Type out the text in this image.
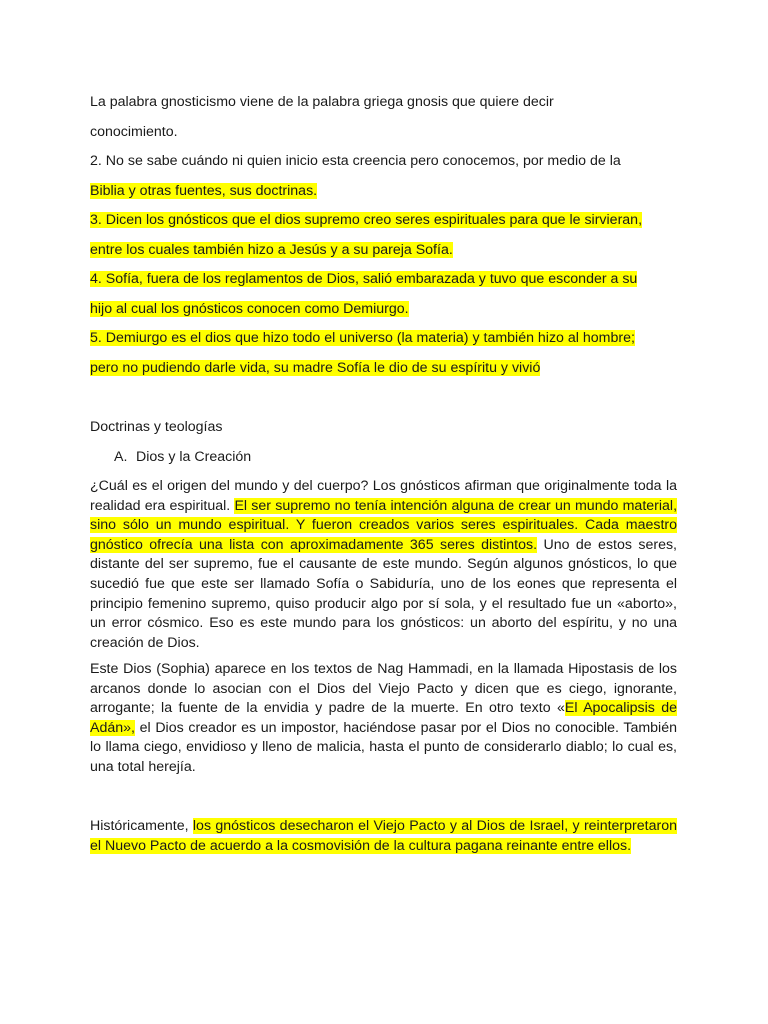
La palabra gnosticismo viene de la palabra griega gnosis que quiere decir
conocimiento.
2. No se sabe cuándo ni quien inicio esta creencia pero conocemos, por medio de la
Biblia y otras fuentes, sus doctrinas.
3. Dicen los gnósticos que el dios supremo creo seres espirituales para que le sirvieran,
entre los cuales también hizo a Jesús y a su pareja Sofía.
4. Sofía, fuera de los reglamentos de Dios, salió embarazada y tuvo que esconder a su
hijo al cual los gnósticos conocen como Demiurgo.
5. Demiurgo es el dios que hizo todo el universo (la materia) y también hizo al hombre;
pero no pudiendo darle vida, su madre Sofía le dio de su espíritu y vivió
Doctrinas y teologías
A. Dios y la Creación

¿Cuál es el origen del mundo y del cuerpo? Los gnósticos afirman que originalmente toda la realidad era espiritual. El ser supremo no tenía intención alguna de crear un mundo material, sino sólo un mundo espiritual. Y fueron creados varios seres espirituales. Cada maestro gnóstico ofrecía una lista con aproximadamente 365 seres distintos. Uno de estos seres, distante del ser supremo, fue el causante de este mundo. Según algunos gnósticos, lo que sucedió fue que este ser llamado Sofía o Sabiduría, uno de los eones que representa el principio femenino supremo, quiso producir algo por sí sola, y el resultado fue un «aborto», un error cósmico. Eso es este mundo para los gnósticos: un aborto del espíritu, y no una creación de Dios.

Este Dios (Sophia) aparece en los textos de Nag Hammadi, en la llamada Hipostasis de los arcanos donde lo asocian con el Dios del Viejo Pacto y dicen que es ciego, ignorante, arrogante; la fuente de la envidia y padre de la muerte. En otro texto «El Apocalipsis de Adán», el Dios creador es un impostor, haciéndose pasar por el Dios no conocible. También lo llama ciego, envidioso y lleno de malicia, hasta el punto de considerarlo diablo; lo cual es, una total herejía.

Históricamente, los gnósticos desecharon el Viejo Pacto y al Dios de Israel, y reinterpretaron el Nuevo Pacto de acuerdo a la cosmovisión de la cultura pagana reinante entre ellos.
